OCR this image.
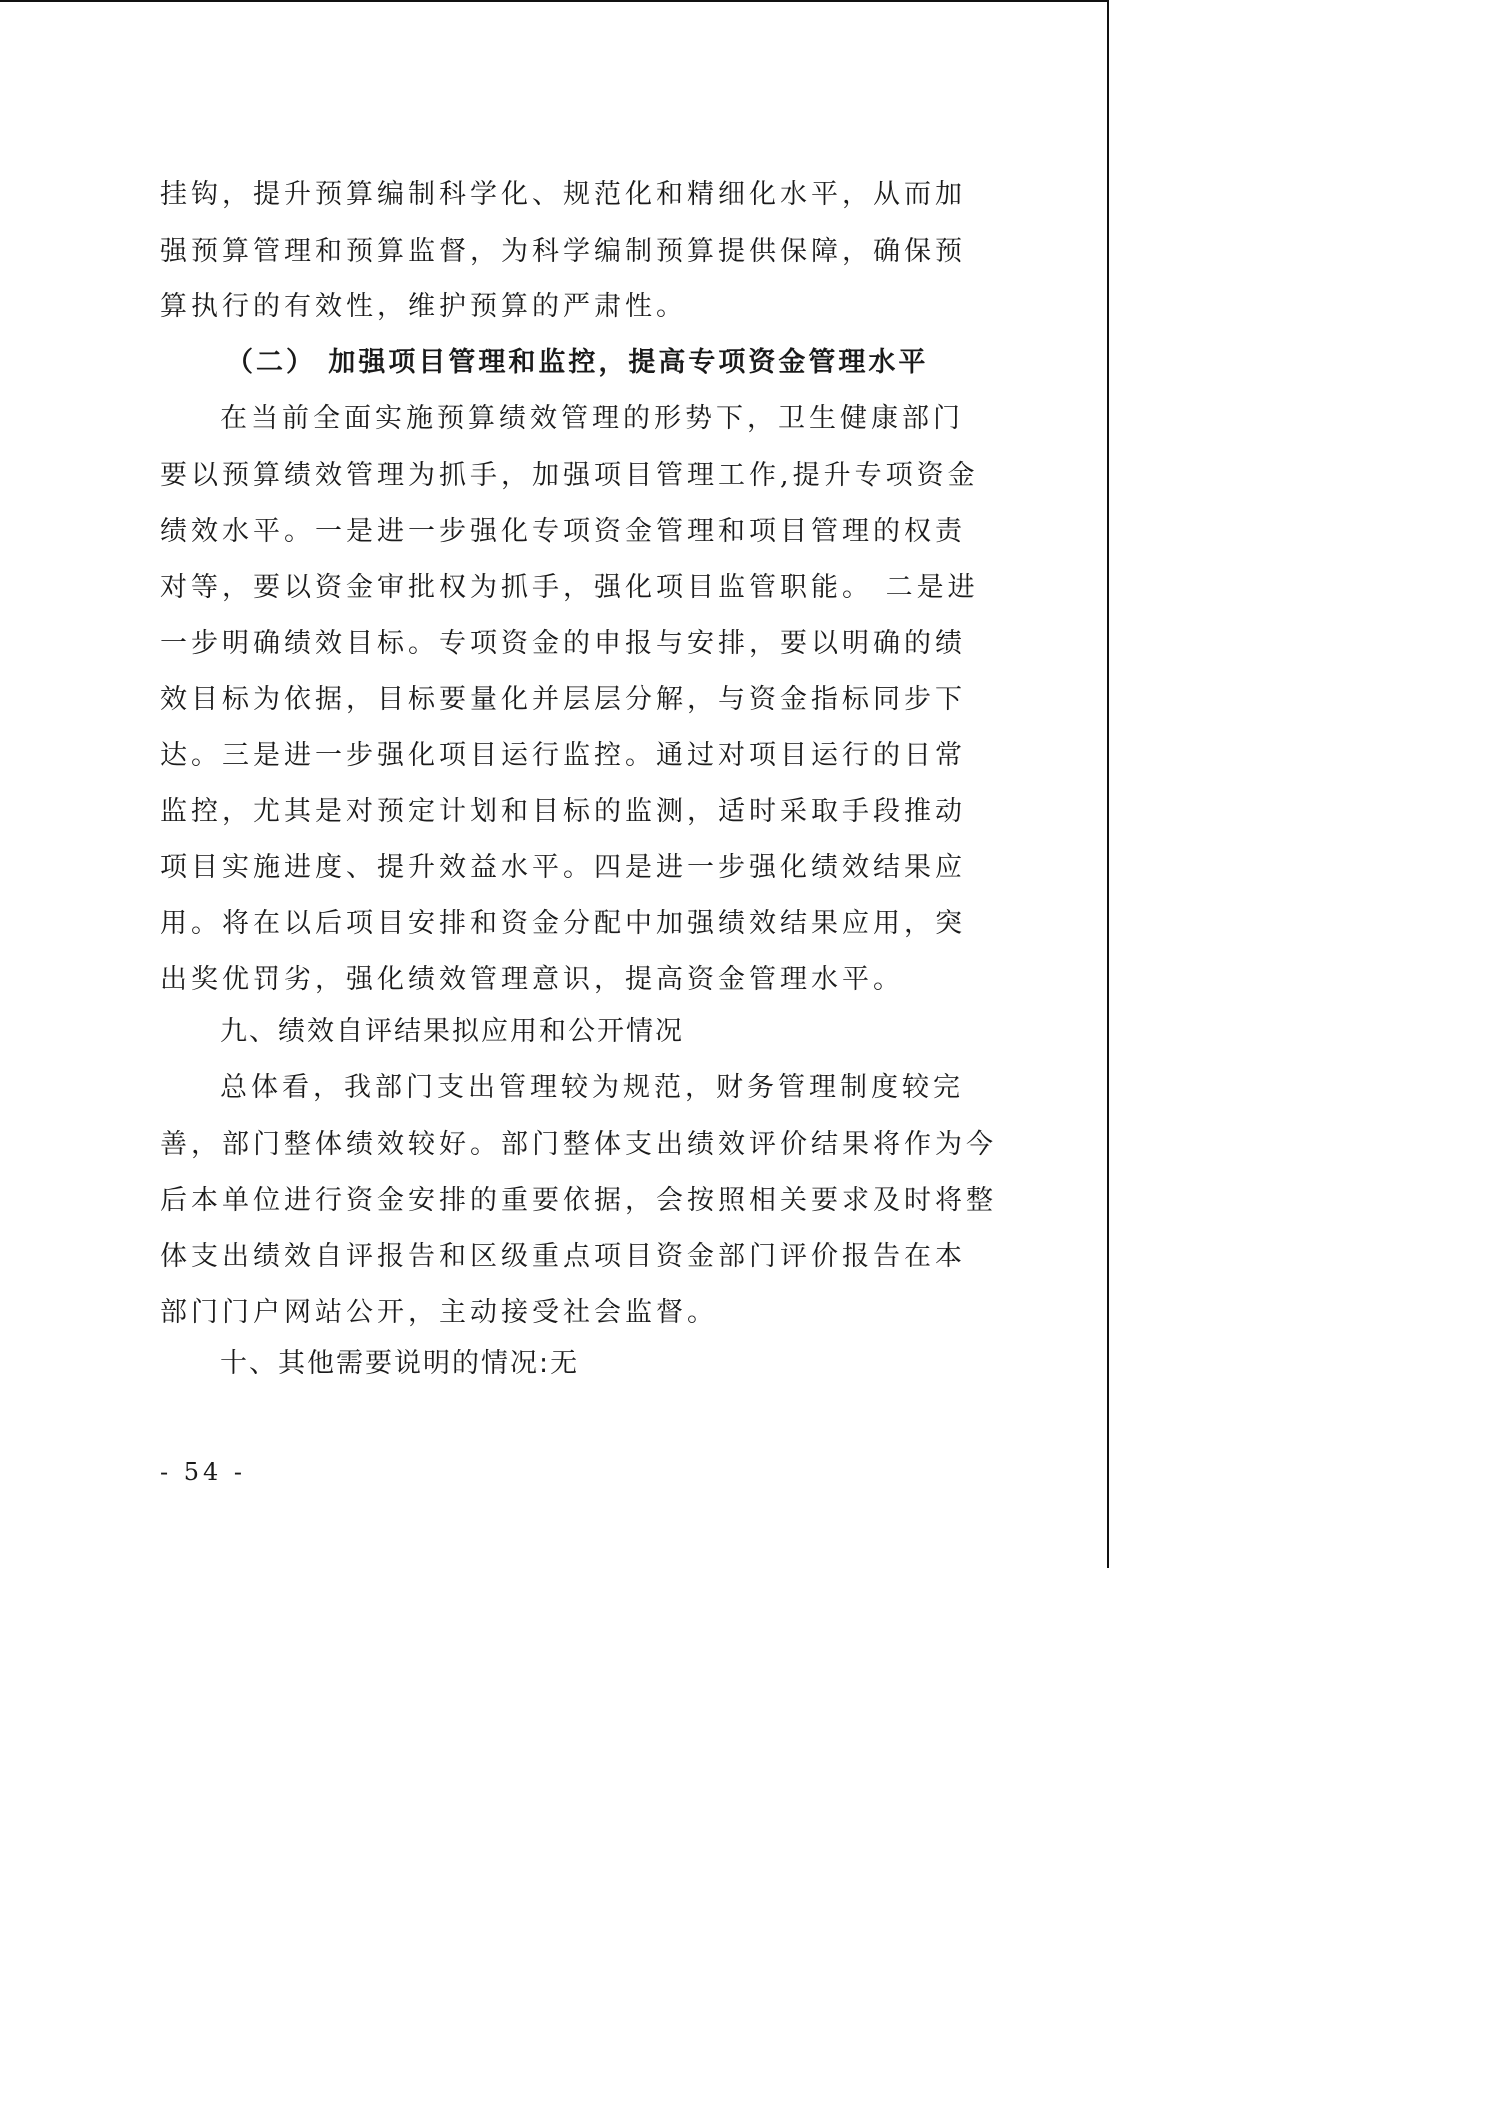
挂钩，提升预算编制科学化、规范化和精细化水平，从而加
强预算管理和预算监督，为科学编制预算提供保障，确保预
算执行的有效性，维护预算的严肃性。
（二） 加强项目管理和监控，提高专项资金管理水平
在当前全面实施预算绩效管理的形势下，卫生健康部门
要以预算绩效管理为抓手，加强项目管理工作,提升专项资金
绩效水平。一是进一步强化专项资金管理和项目管理的权责
对等，要以资金审批权为抓手，强化项目监管职能。 二是进
一步明确绩效目标。专项资金的申报与安排，要以明确的绩
效目标为依据，目标要量化并层层分解，与资金指标同步下
达。三是进一步强化项目运行监控。通过对项目运行的日常
监控，尤其是对预定计划和目标的监测，适时采取手段推动
项目实施进度、提升效益水平。四是进一步强化绩效结果应
用。将在以后项目安排和资金分配中加强绩效结果应用，突
出奖优罚劣，强化绩效管理意识，提高资金管理水平。
九、绩效自评结果拟应用和公开情况
总体看，我部门支出管理较为规范，财务管理制度较完
善，部门整体绩效较好。部门整体支出绩效评价结果将作为今
后本单位进行资金安排的重要依据，会按照相关要求及时将整
体支出绩效自评报告和区级重点项目资金部门评价报告在本
部门门户网站公开，主动接受社会监督。
十、其他需要说明的情况:无
- 54 -
